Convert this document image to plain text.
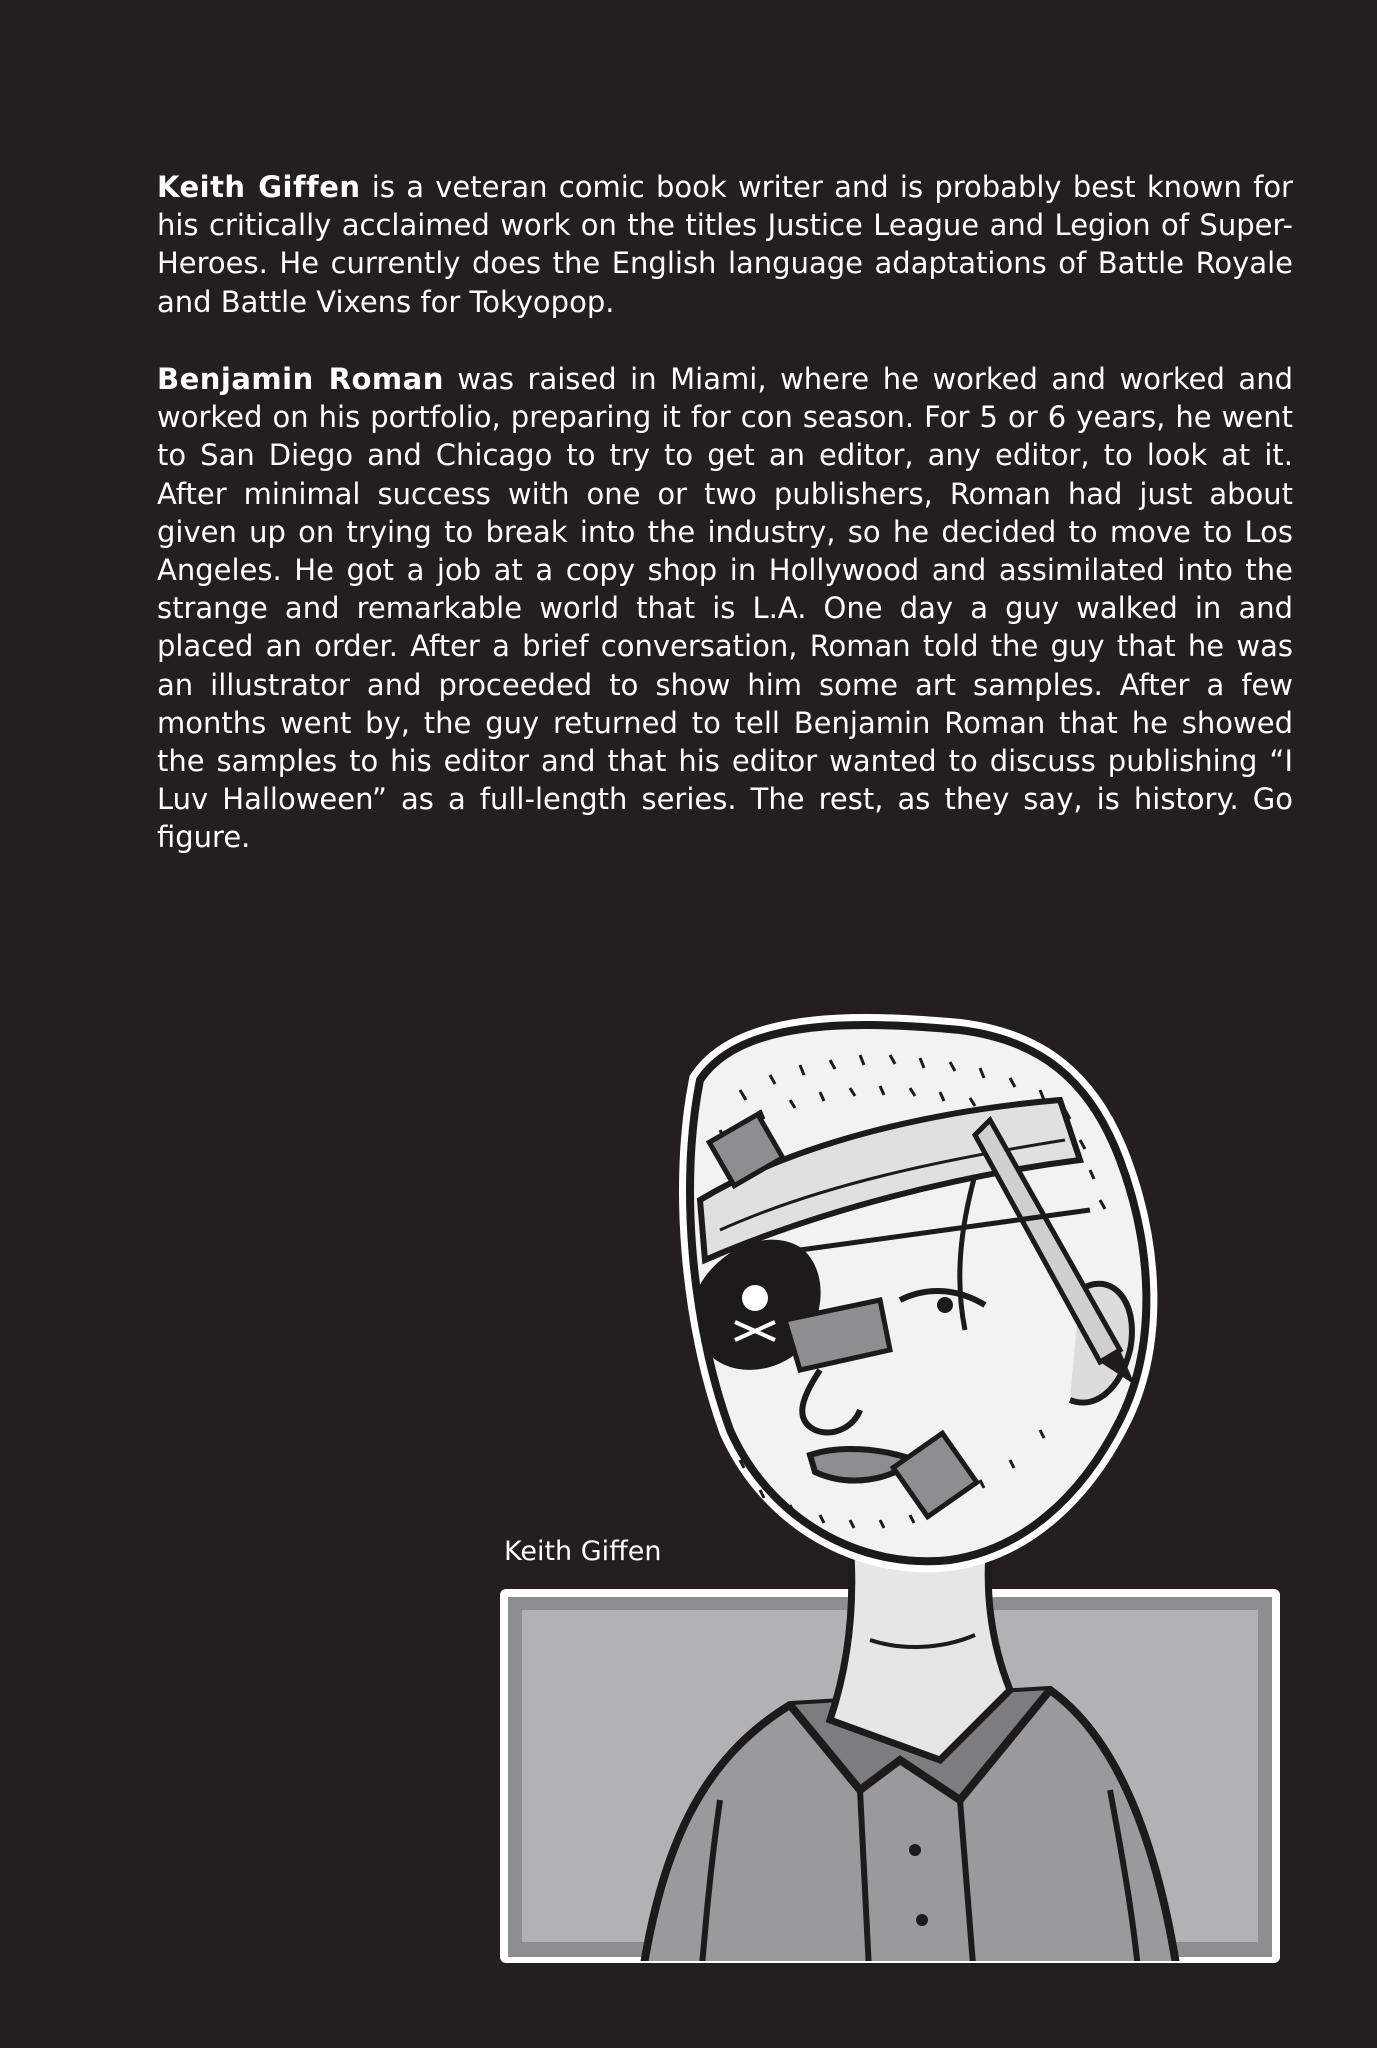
Keith Giffen is a veteran comic book writer and is probably best known for his critically acclaimed work on the titles Justice League and Legion of Super-Heroes. He currently does the English language adaptations of Battle Royale and Battle Vixens for Tokyopop.

Benjamin Roman was raised in Miami, where he worked and worked and worked on his portfolio, preparing it for con season. For 5 or 6 years, he went to San Diego and Chicago to try to get an editor, any editor, to look at it. After minimal success with one or two publishers, Roman had just about given up on trying to break into the industry, so he decided to move to Los Angeles. He got a job at a copy shop in Hollywood and assimilated into the strange and remarkable world that is L.A. One day a guy walked in and placed an order. After a brief conversation, Roman told the guy that he was an illustrator and proceeded to show him some art samples. After a few months went by, the guy returned to tell Benjamin Roman that he showed the samples to his editor and that his editor wanted to discuss publishing “I Luv Halloween” as a full-length series. The rest, as they say, is history. Go figure.

Keith Giffen
